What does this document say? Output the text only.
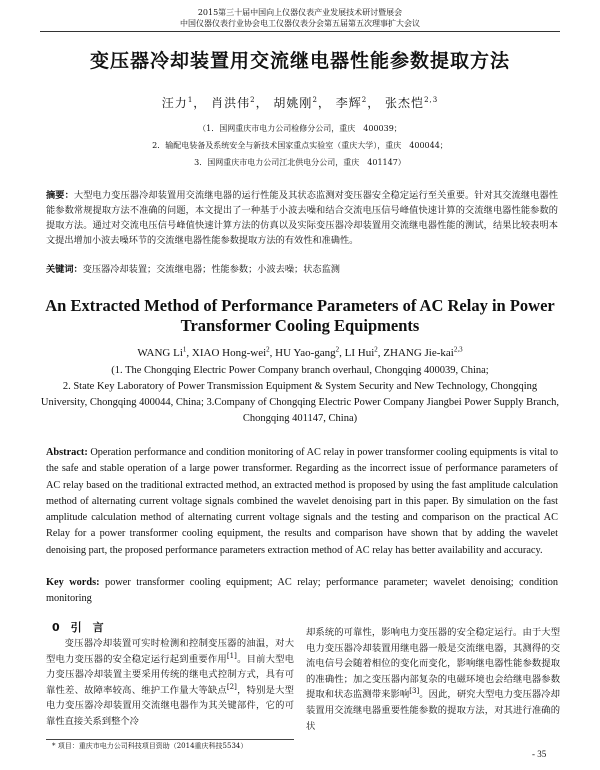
2015第三十届中国向上仪器仪表产业发展技术研讨暨展会
中国仪器仪表行业协会电工仪器仪表分会第五届第五次理事扩大会议
变压器冷却装置用交流继电器性能参数提取方法
汪力$^1$， 肖洪伟$^2$， 胡姚刚$^2$， 李辉$^2$， 张杰恺$^{2,3}$
（1．国网重庆市电力公司检修分公司，重庆　400039；
2．输配电装备及系统安全与新技术国家重点实验室（重庆大学），重庆　400044；
3．国网重庆市电力公司江北供电分公司，重庆　401147）
摘要：大型电力变压器冷却装置用交流继电器的运行性能及其状态监测对变压器安全稳定运行至关重要。针对其交流继电器性能参数常规提取方法不准确的问题，本文提出了一种基于小波去噪和结合交流电压信号峰值快速计算的交流继电器性能参数的提取方法。通过对交流电压信号峰值快速计算方法的仿真以及实际变压器冷却装置用交流继电器性能的测试，结果比较表明本文提出增加小波去噪环节的交流继电器性能参数提取方法的有效性和准确性。
关键词：变压器冷却装置；交流继电器；性能参数；小波去噪；状态监测
An Extracted Method of Performance Parameters of AC Relay in Power
Transformer Cooling Equipments
WANG Li$^1$, XIAO Hong-wei$^2$, HU Yao-gang$^2$, LI Hui$^2$, ZHANG Jie-kai$^{2,3}$
(1. The Chongqing Electric Power Company branch overhaul, Chongqing 400039, China;
2. State Key Laboratory of Power Transmission Equipment & System Security and New Technology, Chongqing
University, Chongqing 400044, China; 3.Company of Chongqing Electric Power Company Jiangbei Power Supply Branch,
Chongqing 401147, China)
Abstract: Operation performance and condition monitoring of AC relay in power transformer cooling equipments is vital to the safe and stable operation of a large power transformer. Regarding as the incorrect issue of performance parameters of AC relay based on the traditional extracted method, an extracted method is proposed by using the fast amplitude calculation method of alternating current voltage signals combined the wavelet denoising part in this paper. By simulation on the fast amplitude calculation method of alternating current voltage signals and the testing and comparison on the practical AC Relay for a power transformer cooling equipment, the results and comparison have shown that by adding the wavelet denoising part, the proposed performance parameters extraction method of AC relay has better availability and accuracy.
Key words: power transformer cooling equipment; AC relay; performance parameter; wavelet denoising; condition monitoring
0　引　言
变压器冷却装置可实时检测和控制变压器的油温，对大型电力变压器的安全稳定运行起到重要作用[1]。目前大型电力变压器冷却装置主要采用传统的继电式控制方式，具有可靠性差、故障率较高、维护工作量大等缺点[2]，特别是大型电力变压器冷却装置用交流继电器作为其关键部件，它的可靠性直接关系到整个冷
* 项目：重庆市电力公司科技项目资助（2014重庆科技5534）
却系统的可靠性，影响电力变压器的安全稳定运行。由于大型电力变压器冷却装置用继电器一般是交流继电器，其测得的交流电信号会随着相位的变化而变化，影响继电器性能参数提取的准确性；加之变压器内部复杂的电磁环境也会给继电器参数提取和状态监测带来影响[3]。因此，研究大型电力变压器冷却装置用交流继电器重要性能参数的提取方法，对其进行准确的状
- 35
